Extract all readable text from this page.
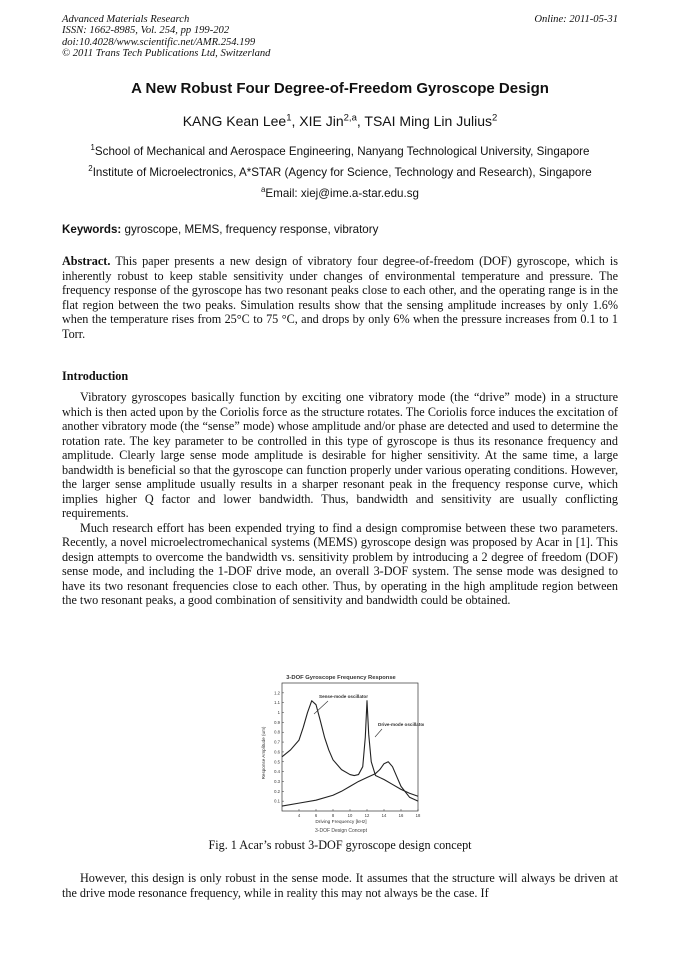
Advanced Materials Research	Online: 2011-05-31
ISSN: 1662-8985, Vol. 254, pp 199-202
doi:10.4028/www.scientific.net/AMR.254.199
© 2011 Trans Tech Publications Ltd, Switzerland
A New Robust Four Degree-of-Freedom Gyroscope Design
KANG Kean Lee$^1$, XIE Jin$^{2,a}$, TSAI Ming Lin Julius$^2$
$^1$School of Mechanical and Aerospace Engineering, Nanyang Technological University, Singapore
$^2$Institute of Microelectronics, A*STAR (Agency for Science, Technology and Research), Singapore
$^a$Email: xiej@ime.a-star.edu.sg
Keywords: gyroscope, MEMS, frequency response, vibratory
Abstract. This paper presents a new design of vibratory four degree-of-freedom (DOF) gyroscope, which is inherently robust to keep stable sensitivity under changes of environmental temperature and pressure. The frequency response of the gyroscope has two resonant peaks close to each other, and the operating range is in the flat region between the two peaks. Simulation results show that the sensing amplitude increases by only 1.6% when the temperature rises from 25°C to 75 °C, and drops by only 6% when the pressure increases from 0.1 to 1 Torr.
Introduction

Vibratory gyroscopes basically function by exciting one vibratory mode (the “drive” mode) in a structure which is then acted upon by the Coriolis force as the structure rotates. The Coriolis force induces the excitation of another vibratory mode (the “sense” mode) whose amplitude and/or phase are detected and used to determine the rotation rate. The key parameter to be controlled in this type of gyroscope is thus its resonance frequency and amplitude. Clearly large sense mode amplitude is desirable for higher sensitivity. At the same time, a large bandwidth is beneficial so that the gyroscope can function properly under various operating conditions. However, the larger sense amplitude usually results in a sharper resonant peak in the frequency response curve, which implies higher Q factor and lower bandwidth. Thus, bandwidth and sensitivity are usually conflicting requirements.

Much research effort has been expended trying to find a design compromise between these two parameters. Recently, a novel microelectromechanical systems (MEMS) gyroscope design was proposed by Acar in [1]. This design attempts to overcome the bandwidth vs. sensitivity problem by introducing a 2 degree of freedom (DOF) sense mode, and including the 1-DOF drive mode, an overall 3-DOF system. The sense mode was designed to have its two resonant frequencies close to each other. Thus, by operating in the high amplitude region between the two resonant peaks, a good combination of sensitivity and bandwidth could be obtained.

3-DOF Gyroscope Frequency Response
Response Amplitude (um)
Driving Frequency [kHz]
3-DOF Design Concept
4	6	8	10	12	14	16	18
0.1
0.2
0.3
0.4
0.5
0.6
0.7
0.8
0.9
1
1.1
1.2
Sense-mode oscillator
Drive-mode oscillator
Fig. 1 Acar’s robust 3-DOF gyroscope design concept

However, this design is only robust in the sense mode. It assumes that the structure will always be driven at the drive mode resonance frequency, while in reality this may not always be the case. If
